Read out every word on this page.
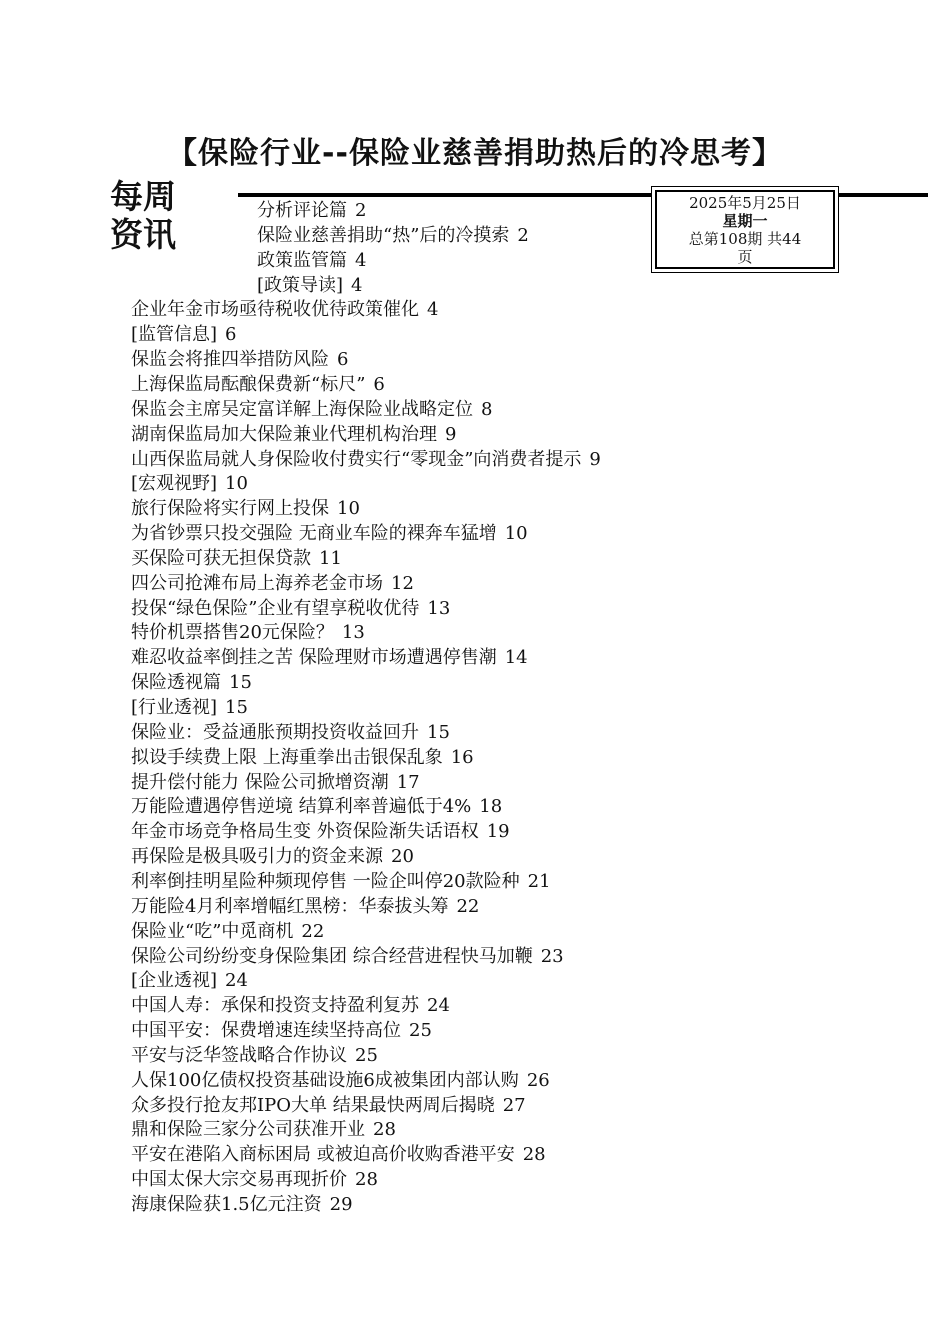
【保险行业--保险业慈善捐助热后的冷思考】
每周
资讯
2025年5月25日
星期一
总第108期 共44
页
分析评论篇 2
保险业慈善捐助“热”后的冷摸索 2
政策监管篇 4
[政策导读] 4
企业年金市场亟待税收优待政策催化 4
[监管信息] 6
保监会将推四举措防风险 6
上海保监局酝酿保费新“标尺” 6
保监会主席吴定富详解上海保险业战略定位 8
湖南保监局加大保险兼业代理机构治理 9
山西保监局就人身保险收付费实行“零现金”向消费者提示 9
[宏观视野] 10
旅行保险将实行网上投保 10
为省钞票只投交强险 无商业车险的裸奔车猛增 10
买保险可获无担保贷款 11
四公司抢滩布局上海养老金市场 12
投保“绿色保险”企业有望享税收优待 13
特价机票搭售20元保险？ 13
难忍收益率倒挂之苦 保险理财市场遭遇停售潮 14
保险透视篇 15
[行业透视] 15
保险业：受益通胀预期投资收益回升 15
拟设手续费上限 上海重拳出击银保乱象 16
提升偿付能力 保险公司掀增资潮 17
万能险遭遇停售逆境 结算利率普遍低于4% 18
年金市场竞争格局生变 外资保险渐失话语权 19
再保险是极具吸引力的资金来源 20
利率倒挂明星险种频现停售 一险企叫停20款险种 21
万能险4月利率增幅红黑榜：华泰拔头筹 22
保险业“吃”中觅商机 22
保险公司纷纷变身保险集团 综合经营进程快马加鞭 23
[企业透视] 24
中国人寿：承保和投资支持盈利复苏 24
中国平安：保费增速连续坚持高位 25
平安与泛华签战略合作协议 25
人保100亿债权投资基础设施6成被集团内部认购 26
众多投行抢友邦IPO大单 结果最快两周后揭晓 27
鼎和保险三家分公司获准开业 28
平安在港陷入商标困局 或被迫高价收购香港平安 28
中国太保大宗交易再现折价 28
海康保险获1.5亿元注资 29
